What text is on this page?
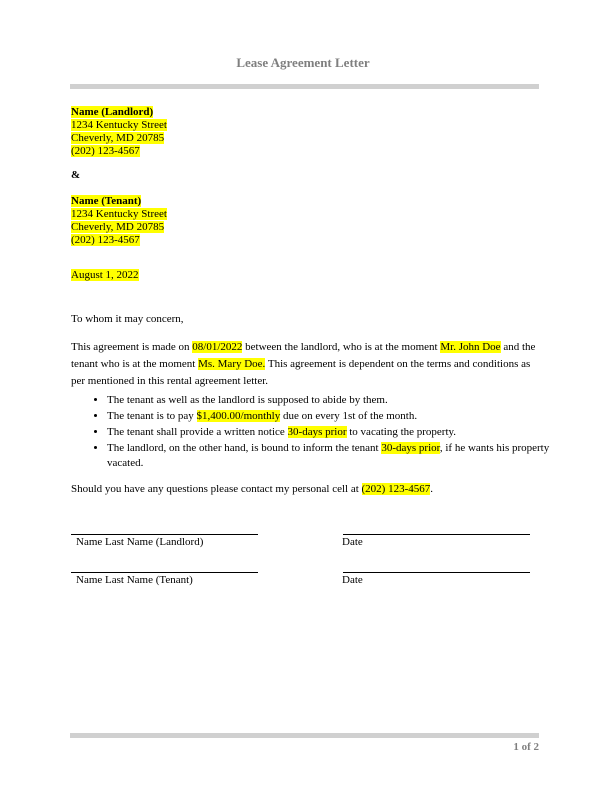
Lease Agreement Letter
Name (Landlord)
1234 Kentucky Street
Cheverly, MD 20785
(202) 123-4567
&
Name (Tenant)
1234 Kentucky Street
Cheverly, MD 20785
(202) 123-4567
August 1, 2022
To whom it may concern,
This agreement is made on 08/01/2022 between the landlord, who is at the moment Mr. John Doe and the tenant who is at the moment Ms. Mary Doe. This agreement is dependent on the terms and conditions as per mentioned in this rental agreement letter.
• The tenant as well as the landlord is supposed to abide by them.
• The tenant is to pay $1,400.00/monthly due on every 1st of the month.
• The tenant shall provide a written notice 30-days prior to vacating the property.
• The landlord, on the other hand, is bound to inform the tenant 30-days prior, if he wants his property vacated.
Should you have any questions please contact my personal cell at (202) 123-4567.
Name Last Name (Landlord)	Date
Name Last Name (Tenant)	Date
1 of 2
